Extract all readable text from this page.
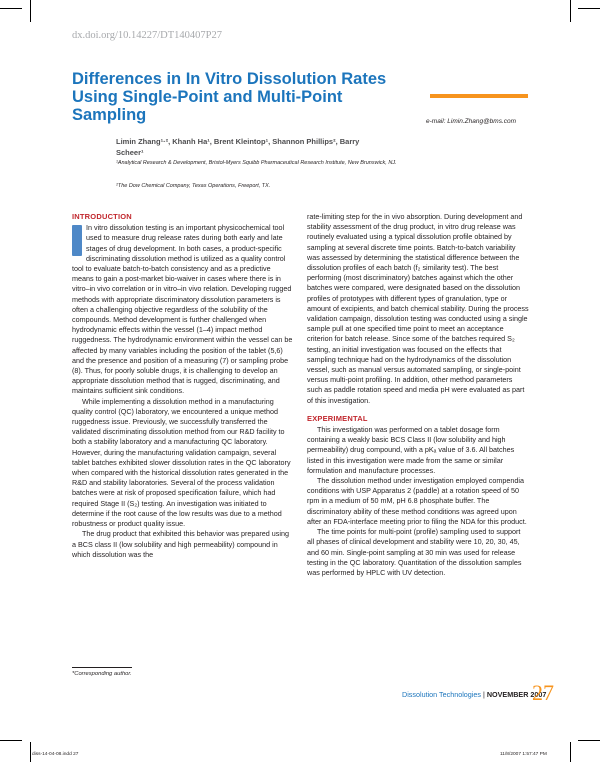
dx.doi.org/10.14227/DT140407P27
Differences in In Vitro Dissolution Rates
Using Single-Point and Multi-Point
Sampling	e-mail: Limin.Zhang@bms.com
Limin Zhang¹·², Khanh Ha¹, Brent Kleintop¹, Shannon Phillips², Barry Scheer¹
¹Analytical Research & Development, Bristol-Myers Squibb Pharmaceutical Research Institute, New Brunswick, NJ.
²The Dow Chemical Company, Texas Operations, Freeport, TX.
INTRODUCTION

In vitro dissolution testing is an important physicochemical tool used to measure drug release rates during both early and late stages of drug development. In both cases, a product-specific discriminating dissolution method is utilized as a quality control tool to evaluate batch-to-batch consistency and as a predictive means to gain a post-market bio-waiver in cases where there is in vitro–in vivo correlation or in vitro–in vivo relation. Developing rugged methods with appropriate discriminatory dissolution parameters is often a challenging objective regardless of the solubility of the compounds. Method development is further challenged when hydrodynamic effects within the vessel (1–4) impact method ruggedness. The hydrodynamic environment within the vessel can be affected by many variables including the position of the tablet (5,6) and the presence and position of a measuring (7) or sampling probe (8). Thus, for poorly soluble drugs, it is challenging to develop an appropriate dissolution method that is rugged, discriminating, and maintains sufficient sink conditions.

While implementing a dissolution method in a manufacturing quality control (QC) laboratory, we encountered a unique method ruggedness issue. Previously, we successfully transferred the validated discriminating dissolution method from our R&D facility to both a stability laboratory and a manufacturing QC laboratory. However, during the manufacturing validation campaign, several tablet batches exhibited slower dissolution rates in the QC laboratory when compared with the historical dissolution rates generated in the R&D and stability laboratories. Several of the process validation batches were at risk of proposed specification failure, which had required Stage II (S₂) testing. An investigation was initiated to determine if the root cause of the low results was due to a method robustness or product quality issue.

The drug product that exhibited this behavior was prepared using a BCS class II (low solubility and high permeability) compound in which dissolution was the

rate-limiting step for the in vivo absorption. During development and stability assessment of the drug product, in vitro drug release was routinely evaluated using a typical dissolution profile obtained by sampling at several discrete time points. Batch-to-batch variability was assessed by determining the statistical difference between the dissolution profiles of each batch (f₂ similarity test). The best performing (most discriminatory) batches against which the other batches were compared, were designated based on the dissolution profiles of prototypes with different types of granulation, type or amount of excipients, and batch chemical stability. During the process validation campaign, dissolution testing was conducted using a single sample pull at one specified time point to meet an acceptance criterion for batch release. Since some of the batches required S₂ testing, an initial investigation was focused on the effects that sampling technique had on the hydrodynamics of the dissolution vessel, such as manual versus automated sampling, or single-point versus multi-point profiling. In addition, other method parameters such as paddle rotation speed and media pH were evaluated as part of this investigation.

EXPERIMENTAL

This investigation was performed on a tablet dosage form containing a weakly basic BCS Class II (low solubility and high permeability) drug compound, with a pKₐ value of 3.6. All batches listed in this investigation were made from the same or similar formulation and manufacture processes.

The dissolution method under investigation employed compendia conditions with USP Apparatus 2 (paddle) at a rotation speed of 50 rpm in a medium of 50 mM, pH 6.8 phosphate buffer. The discriminatory ability of these method conditions was agreed upon after an FDA-interface meeting prior to filing the NDA for this product.

The time points for multi-point (profile) sampling used to support all phases of clinical development and stability were 10, 20, 30, 45, and 60 min. Single-point sampling at 30 min was used for release testing in the QC laboratory. Quantitation of the dissolution samples was performed by HPLC with UV detection.

*Corresponding author.
Dissolution Technologies | NOVEMBER 2007
27
diss-14-04-08.indd 27	11/8/2007 1:57:47 PM
